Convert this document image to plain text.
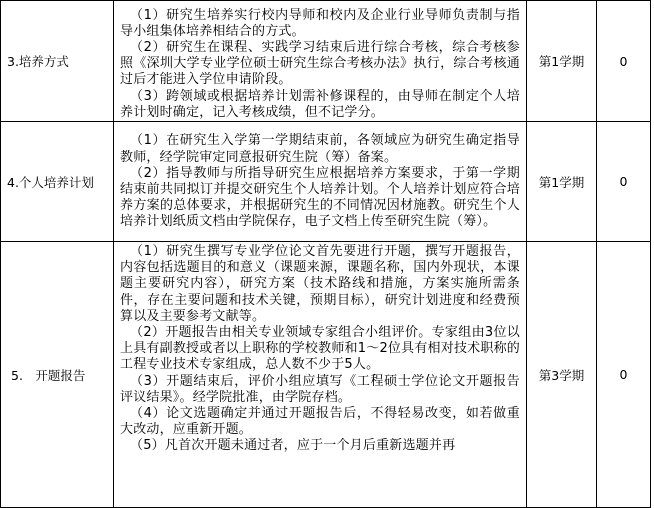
3.培养方式	（1）研究生培养实行校内导师和校内及企业行业导师负责制与指导小组集体培养相结合的方式。

（2）研究生在课程、实践学习结束后进行综合考核，综合考核参照《深圳大学专业学位硕士研究生综合考核办法》执行，综合考核通过后才能进入学位申请阶段。

（3）跨领域或根据培养计划需补修课程的，由导师在制定个人培养计划时确定，记入考核成绩，但不记学分。	第1学期	0
4.个人培养计划	（1）在研究生入学第一学期结束前，各领域应为研究生确定指导教师，经学院审定同意报研究生院（筹）备案。

（2）指导教师与所指导研究生应根据培养方案要求，于第一学期结束前共同拟订并提交研究生个人培养计划。个人培养计划应符合培养方案的总体要求，并根据研究生的不同情况因材施教。研究生个人培养计划纸质文档由学院保存，电子文档上传至研究生院（筹）。	第1学期	0
5.　开题报告	（1）研究生撰写专业学位论文首先要进行开题，撰写开题报告，内容包括选题目的和意义（课题来源，课题名称，国内外现状，本课题主要研究内容），研究方案（技术路线和措施，方案实施所需条件，存在主要问题和技术关键，预期目标），研究计划进度和经费预算以及主要参考文献等。

（2）开题报告由相关专业领域专家组合小组评价。专家组由3位以上具有副教授或者以上职称的学校教师和1～2位具有相对技术职称的工程专业技术专家组成，总人数不少于5人。

（3）开题结束后，评价小组应填写《工程硕士学位论文开题报告评议结果》。经学院批准，由学院存档。

（4）论文选题确定并通过开题报告后，不得轻易改变，如若做重大改动，应重新开题。

（5）凡首次开题未通过者，应于一个月后重新选题并再	第3学期	0
